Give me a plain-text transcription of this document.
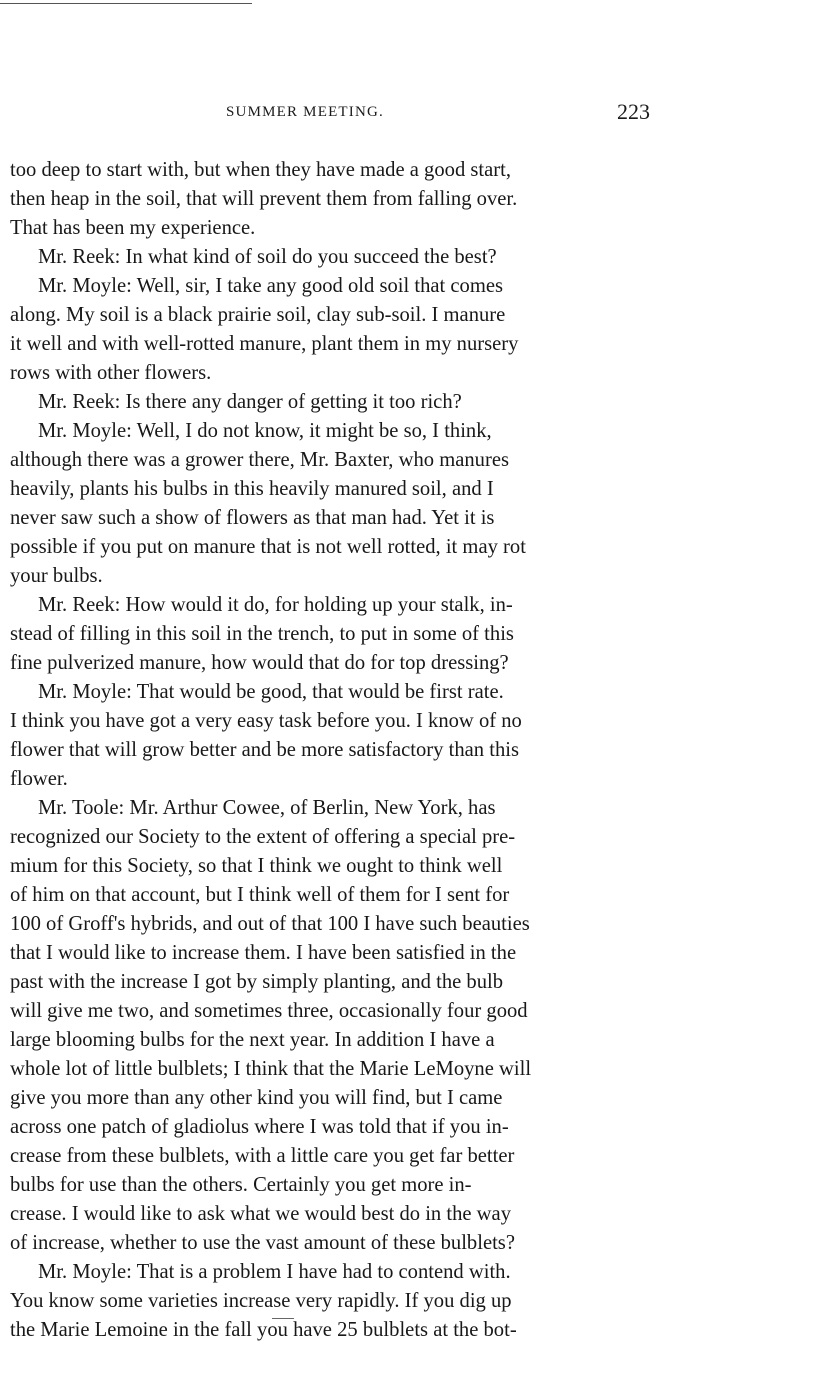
SUMMER MEETING.	223
too deep to start with, but when they have made a good start,
then heap in the soil, that will prevent them from falling over.
That has been my experience.
Mr. Reek: In what kind of soil do you succeed the best?
Mr. Moyle: Well, sir, I take any good old soil that comes
along. My soil is a black prairie soil, clay sub-soil. I manure
it well and with well-rotted manure, plant them in my nursery
rows with other flowers.
Mr. Reek: Is there any danger of getting it too rich?
Mr. Moyle: Well, I do not know, it might be so, I think,
although there was a grower there, Mr. Baxter, who manures
heavily, plants his bulbs in this heavily manured soil, and I
never saw such a show of flowers as that man had. Yet it is
possible if you put on manure that is not well rotted, it may rot
your bulbs.
Mr. Reek: How would it do, for holding up your stalk, in-
stead of filling in this soil in the trench, to put in some of this
fine pulverized manure, how would that do for top dressing?
Mr. Moyle: That would be good, that would be first rate.
I think you have got a very easy task before you. I know of no
flower that will grow better and be more satisfactory than this
flower.
Mr. Toole: Mr. Arthur Cowee, of Berlin, New York, has
recognized our Society to the extent of offering a special pre-
mium for this Society, so that I think we ought to think well
of him on that account, but I think well of them for I sent for
100 of Groff's hybrids, and out of that 100 I have such beauties
that I would like to increase them. I have been satisfied in the
past with the increase I got by simply planting, and the bulb
will give me two, and sometimes three, occasionally four good
large blooming bulbs for the next year. In addition I have a
whole lot of little bulblets; I think that the Marie LeMoyne will
give you more than any other kind you will find, but I came
across one patch of gladiolus where I was told that if you in-
crease from these bulblets, with a little care you get far better
bulbs for use than the others. Certainly you get more in-
crease. I would like to ask what we would best do in the way
of increase, whether to use the vast amount of these bulblets?
Mr. Moyle: That is a problem I have had to contend with.
You know some varieties increase very rapidly. If you dig up
the Marie Lemoine in the fall you have 25 bulblets at the bot-
